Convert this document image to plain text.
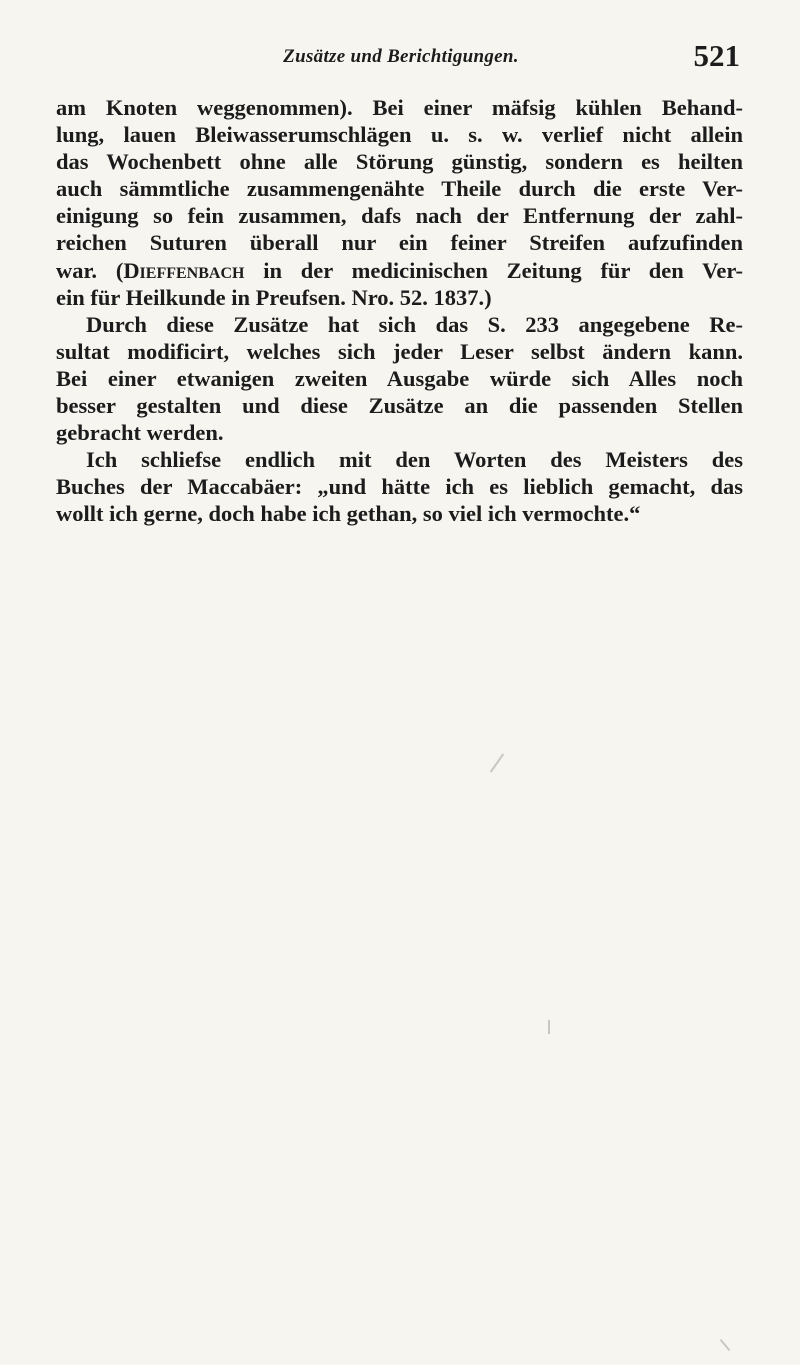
Zusätze und Berichtigungen.	521
am Knoten weggenommen). Bei einer mäfsig kühlen Behand-
lung, lauen Bleiwasserumschlägen u. s. w. verlief nicht allein
das Wochenbett ohne alle Störung günstig, sondern es heilten
auch sämmtliche zusammengenähte Theile durch die erste Ver-
einigung so fein zusammen, dafs nach der Entfernung der zahl-
reichen Suturen überall nur ein feiner Streifen aufzufinden
war. (Dieffenbach in der medicinischen Zeitung für den Ver-
ein für Heilkunde in Preufsen. Nro. 52. 1837.)
Durch diese Zusätze hat sich das S. 233 angegebene Re-
sultat modificirt, welches sich jeder Leser selbst ändern kann.
Bei einer etwanigen zweiten Ausgabe würde sich Alles noch
besser gestalten und diese Zusätze an die passenden Stellen
gebracht werden.
Ich schliefse endlich mit den Worten des Meisters des
Buches der Maccabäer: „und hätte ich es lieblich gemacht, das
wollt ich gerne, doch habe ich gethan, so viel ich vermochte.“
